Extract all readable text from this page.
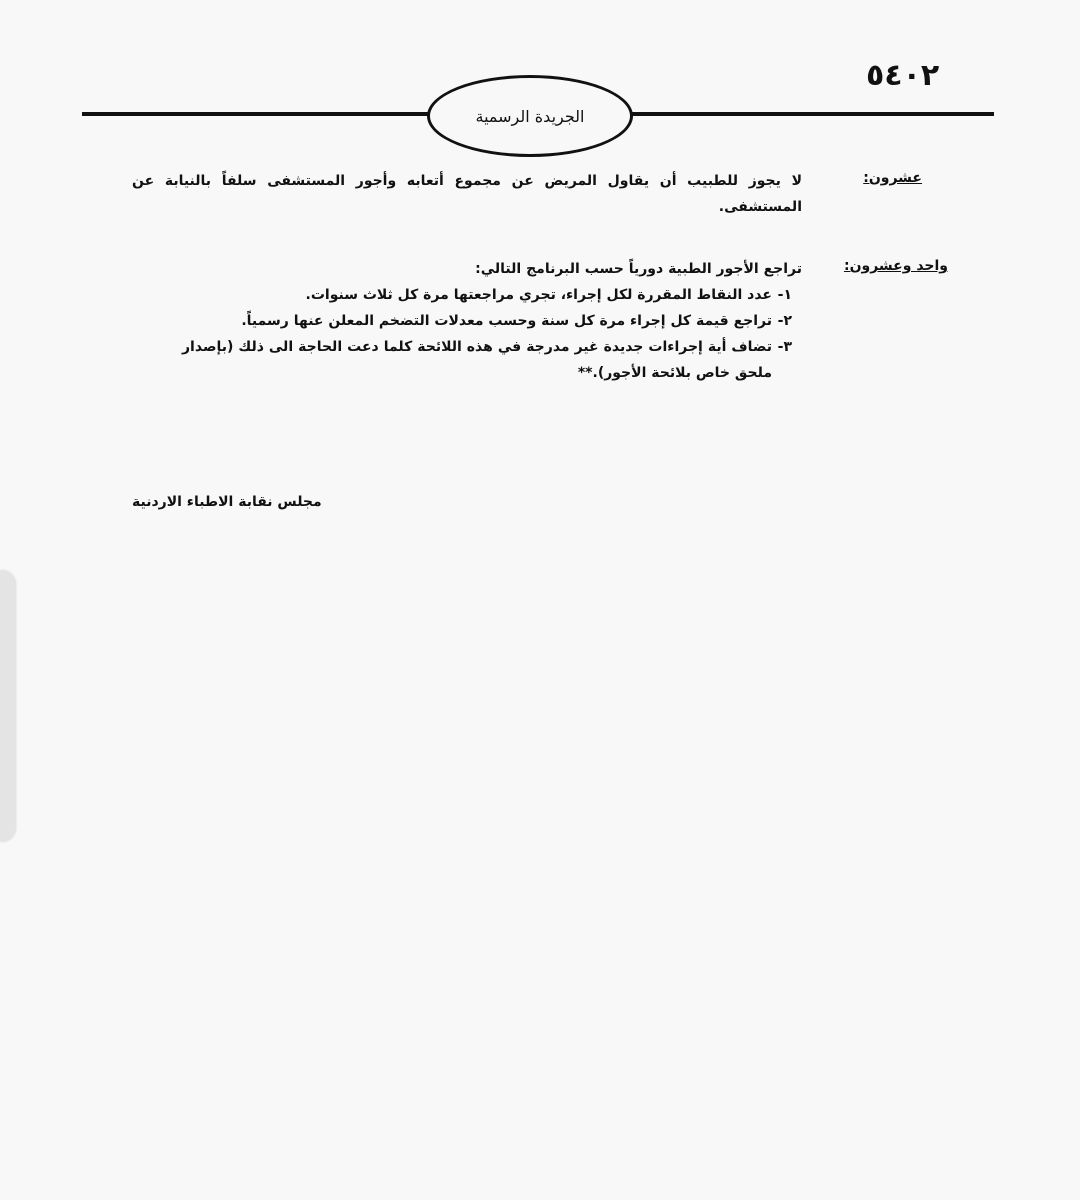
٥٤٠٢
الجريدة الرسمية
عشرون:
لا يجوز للطبيب أن يقاول المريض عن مجموع أتعابه وأجور المستشفى سلفاً بالنيابة عن المستشفى.
واحد وعشرون:
تراجع الأجور الطبية دورياً حسب البرنامج التالي:
١-
عدد النقاط المقررة لكل إجراء، تجري مراجعتها مرة كل ثلاث سنوات.
٢-
تراجع قيمة كل إجراء مرة كل سنة وحسب معدلات التضخم المعلن عنها رسمياً.
٣-
تضاف أية إجراءات جديدة غير مدرجة في هذه اللائحة كلما دعت الحاجة الى ذلك (بإصدار ملحق خاص بلائحة الأجور).**
مجلس نقابة الاطباء الاردنية
